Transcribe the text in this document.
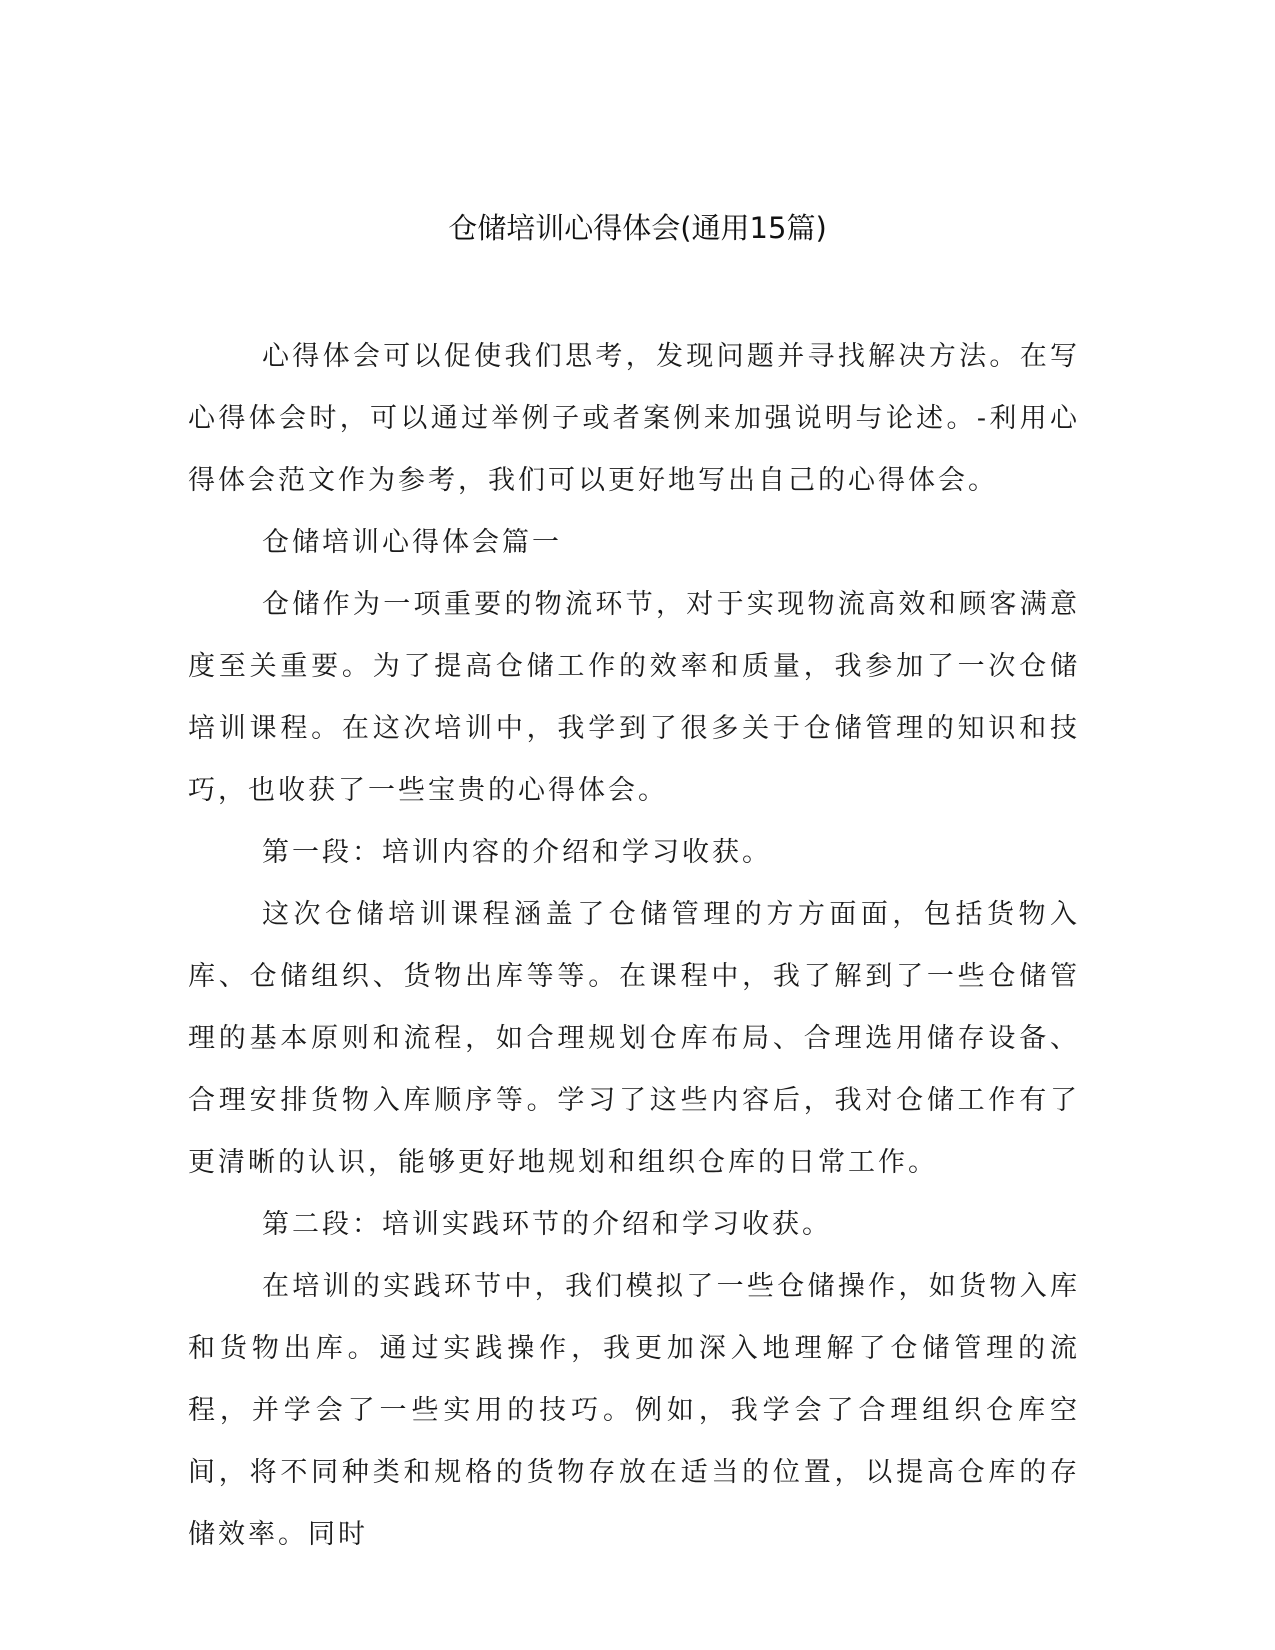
仓储培训心得体会(通用15篇)

心得体会可以促使我们思考，发现问题并寻找解决方法。在写心得体会时，可以通过举例子或者案例来加强说明与论述。-利用心得体会范文作为参考，我们可以更好地写出自己的心得体会。

仓储培训心得体会篇一

仓储作为一项重要的物流环节，对于实现物流高效和顾客满意度至关重要。为了提高仓储工作的效率和质量，我参加了一次仓储培训课程。在这次培训中，我学到了很多关于仓储管理的知识和技巧，也收获了一些宝贵的心得体会。

第一段：培训内容的介绍和学习收获。

这次仓储培训课程涵盖了仓储管理的方方面面，包括货物入库、仓储组织、货物出库等等。在课程中，我了解到了一些仓储管理的基本原则和流程，如合理规划仓库布局、合理选用储存设备、合理安排货物入库顺序等。学习了这些内容后，我对仓储工作有了更清晰的认识，能够更好地规划和组织仓库的日常工作。

第二段：培训实践环节的介绍和学习收获。

在培训的实践环节中，我们模拟了一些仓储操作，如货物入库和货物出库。通过实践操作，我更加深入地理解了仓储管理的流程，并学会了一些实用的技巧。例如，我学会了合理组织仓库空间，将不同种类和规格的货物存放在适当的位置，以提高仓库的存储效率。同时
